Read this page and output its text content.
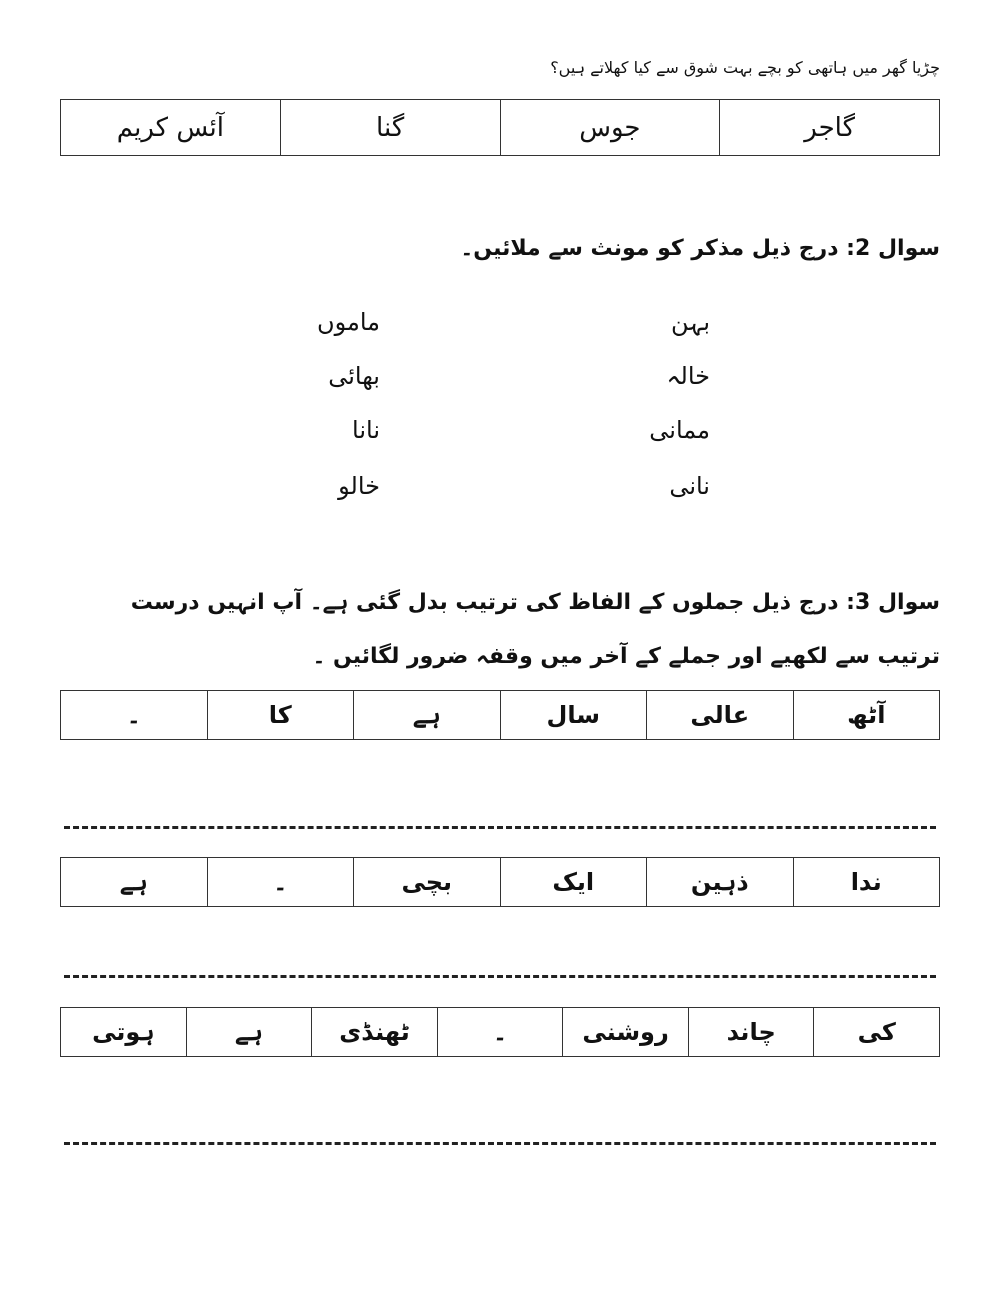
چڑیا گھر میں ہاتھی کو بچے بہت شوق سے کیا کھلاتے ہیں؟
گاجر	جوس	گنا	آئس کریم
سوال 2: درج ذیل مذکر کو مونث سے ملائیں۔
بہن
خالہ
ممانی
نانی
ماموں
بھائی
نانا
خالو
سوال 3: درج ذیل جملوں کے الفاظ کی ترتیب بدل گئی ہے۔ آپ انہیں درست
ترتیب سے لکھیے اور جملے کے آخر میں وقفہ ضرور لگائیں ۔
آٹھ	عالی	سال	ہے	کا	۔
ندا	ذہین	ایک	بچی	۔	ہے
کی	چاند	روشنی	۔	ٹھنڈی	ہے	ہوتی
